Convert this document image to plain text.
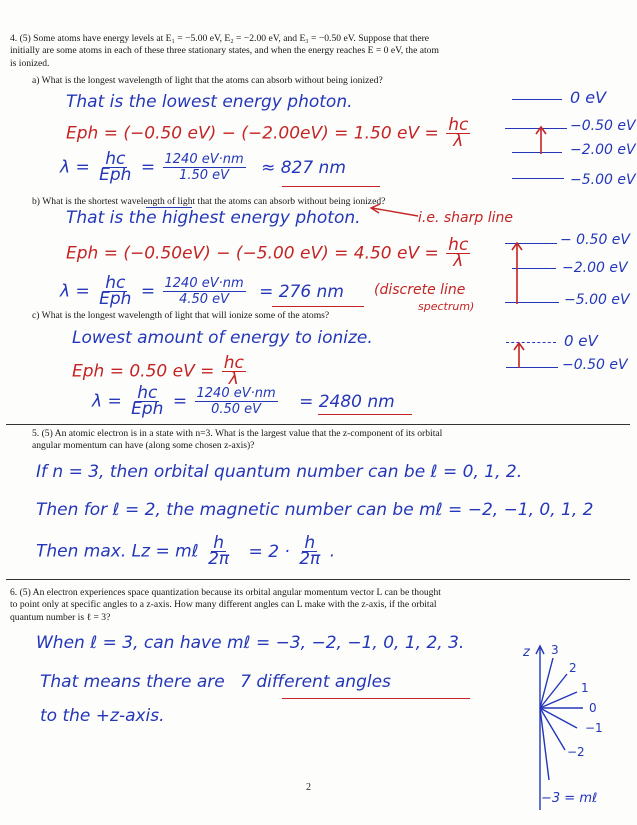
4. (5) Some atoms have energy levels at E₁ = −5.00 eV, E₂ = −2.00 eV, and E₃ = −0.50 eV. Suppose that there
initially are some atoms in each of these three stationary states, and when the energy reaches E = 0 eV, the atom
is ionized.
a) What is the longest wavelength of light that the atoms can absorb without being ionized?
That is the lowest energy photon.
Eph = (−0.50 eV) − (−2.00eV) = 1.50 eV = $\frac{hc}{\lambda}$
$\lambda = \frac{hc}{\text{Eph}} = \frac{1240 eV\cdot nm}{1.50 eV} \approx 827$ nm
0 eV
−0.50 eV
−2.00 eV
−5.00 eV
b) What is the shortest wavelength of light that the atoms can absorb without being ionized?
That is the highest energy photon.	i.e. sharp line
Eph = (−0.50eV) − (−5.00 eV) = 4.50 eV = $\frac{hc}{\lambda}$
$\lambda = \frac{hc}{\text{Eph}} = \frac{1240 eV\cdot nm}{4.50 eV} = 276$ nm (discrete line
spectrum)
− 0.50 eV
−2.00 eV
−5.00 eV
c) What is the longest wavelength of light that will ionize some of the atoms?
Lowest amount of energy to ionize.
Eph = 0.50 eV = $\frac{hc}{\lambda}$
$\lambda = \frac{hc}{\text{Eph}} = \frac{1240 eV\cdot nm}{0.50 eV} = 2480$ nm
0 eV
−0.50 eV
5. (5) An atomic electron is in a state with n=3. What is the largest value that the z-component of its orbital
angular momentum can have (along some chosen z-axis)?
If n = 3, then orbital quantum number can be ℓ = 0, 1, 2.
Then for ℓ = 2, the magnetic number can be mℓ = −2, −1, 0, 1, 2
Then max. Lz = mℓ $\frac{h}{2\pi} = 2 \cdot \frac{h}{2\pi}$ .
6. (5) An electron experiences space quantization because its orbital angular momentum vector L can be thought
to point only at specific angles to a z-axis. How many different angles can L make with the z-axis, if the orbital
quantum number is ℓ = 3?
When ℓ = 3, can have mℓ = −3, −2, −1, 0, 1, 2, 3.
That means there are 7 different angles
to the +z-axis.
z 3
2
1
0
−1
−2
−3 = mℓ
2
